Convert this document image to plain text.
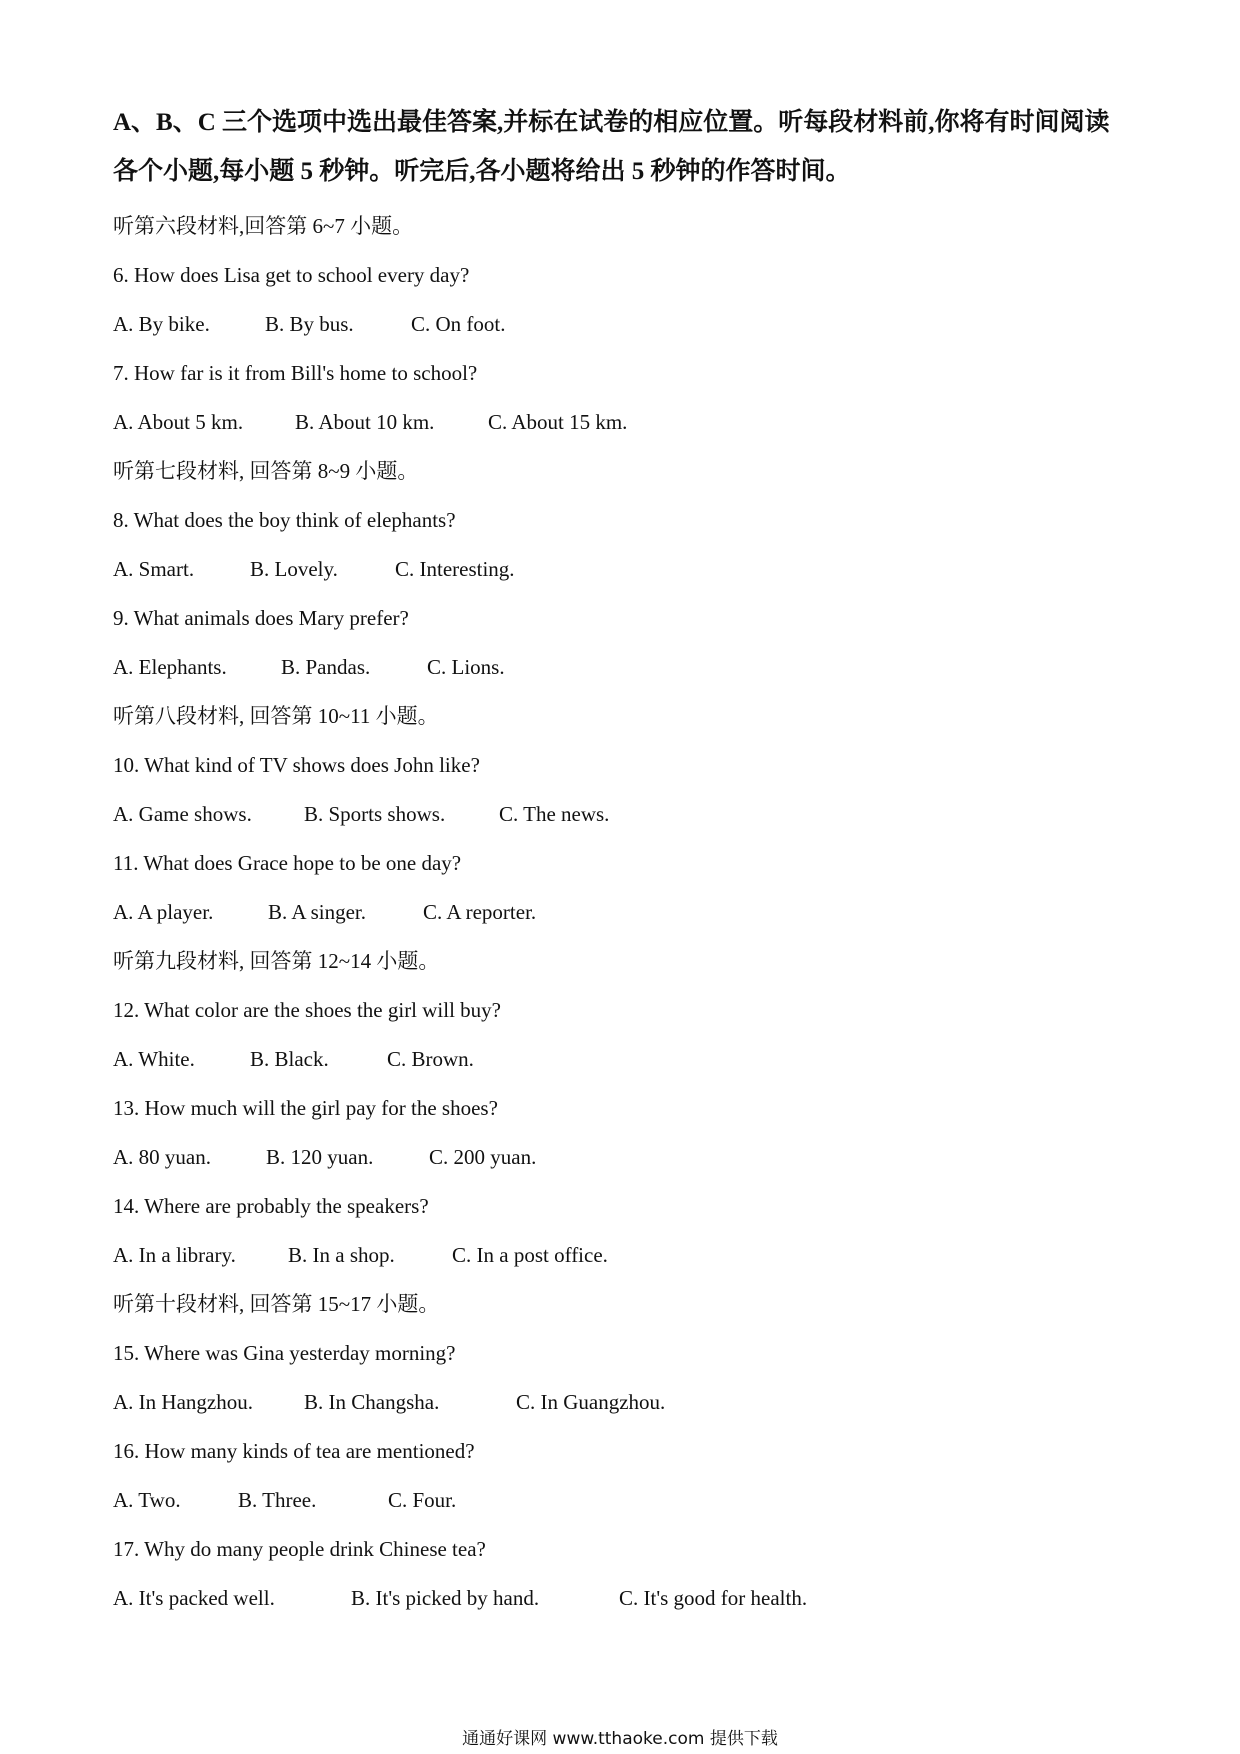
A、B、C 三个选项中选出最佳答案,并标在试卷的相应位置。听每段材料前,你将有时间阅读
各个小题,每小题 5 秒钟。听完后,各小题将给出 5 秒钟的作答时间。
听第六段材料,回答第 6~7 小题。
6. How does Lisa get to school every day?
A. By bike.	B. By bus.	C. On foot.
7. How far is it from Bill's home to school?
A. About 5 km.	B. About 10 km.	C. About 15 km.
听第七段材料, 回答第 8~9 小题。
8. What does the boy think of elephants?
A. Smart.	B. Lovely.	C. Interesting.
9. What animals does Mary prefer?
A. Elephants.	B. Pandas.	C. Lions.
听第八段材料, 回答第 10~11 小题。
10. What kind of TV shows does John like?
A. Game shows.	B. Sports shows.	C. The news.
11. What does Grace hope to be one day?
A. A player.	B. A singer.	C. A reporter.
听第九段材料, 回答第 12~14 小题。
12. What color are the shoes the girl will buy?
A. White.	B. Black.	C. Brown.
13. How much will the girl pay for the shoes?
A. 80 yuan.	B. 120 yuan.	C. 200 yuan.
14. Where are probably the speakers?
A. In a library.	B. In a shop.	C. In a post office.
听第十段材料, 回答第 15~17 小题。
15. Where was Gina yesterday morning?
A. In Hangzhou.	B. In Changsha.	C. In Guangzhou.
16. How many kinds of tea are mentioned?
A. Two.	B. Three.	C. Four.
17. Why do many people drink Chinese tea?
A. It's packed well.	B. It's picked by hand.	C. It's good for health.
通通好课网 www.tthaoke.com 提供下载
